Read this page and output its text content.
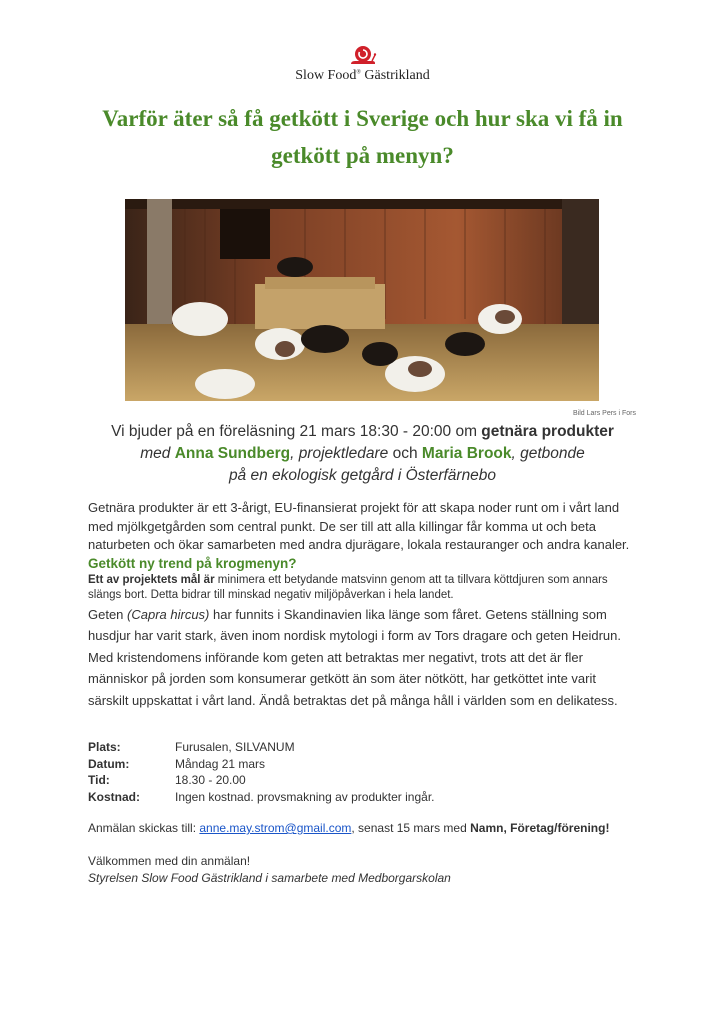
Slow Food® Gästrikland
Varför äter så få getkött i Sverige och hur ska vi få in getkött på menyn?
Bild Lars Pers i Fors
Vi bjuder på en föreläsning 21 mars 18:30 - 20:00 om getnära produkter
med Anna Sundberg, projektledare och Maria Brook, getbonde
på en ekologisk getgård i Österfärnebo

Getnära produkter är ett 3-årigt, EU-finansierat projekt för att skapa noder runt om i vårt land med mjölkgetgården som central punkt. De ser till att alla killingar får komma ut och beta naturbeten och ökar samarbeten med andra djurägare, lokala restauranger och andra kanaler.

Getkött ny trend på krogmenyn?

Ett av projektets mål är minimera ett betydande matsvinn genom att ta tillvara köttdjuren som annars slängs bort. Detta bidrar till minskad negativ miljöpåverkan i hela landet.

Geten (Capra hircus) har funnits i Skandinavien lika länge som fåret. Getens ställning som husdjur har varit stark, även inom nordisk mytologi i form av Tors dragare och geten Heidrun. Med kristendomens införande kom geten att betraktas mer negativt, trots att det är fler människor på jorden som konsumerar getkött än som äter nötkött, har getköttet inte varit särskilt uppskattat i vårt land. Ändå betraktas det på många håll i världen som en delikatess.

Plats:	Furusalen, SILVANUM
Datum:	Måndag 21 mars
Tid:	18.30 - 20.00
Kostnad:	Ingen kostnad. provsmakning av produkter ingår.
Anmälan skickas till: anne.may.strom@gmail.com, senast 15 mars med Namn, Företag/förening!
Välkommen med din anmälan!
Styrelsen Slow Food Gästrikland i samarbete med Medborgarskolan
